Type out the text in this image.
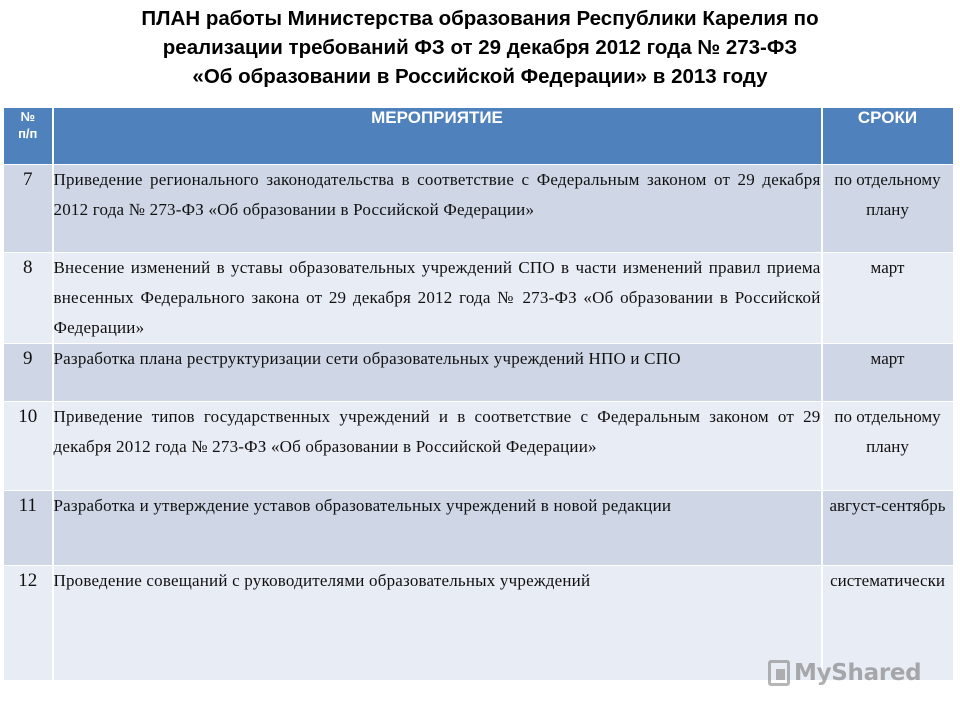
ПЛАН работы Министерства образования Республики Карелия по
реализации требований ФЗ от 29 декабря 2012 года № 273-ФЗ
«Об образовании в Российской Федерации» в 2013 году
№
п/п	МЕРОПРИЯТИЕ	СРОКИ
7	Приведение регионального законодательства в соответствие с Федеральным законом от 29 декабря 2012 года № 273-ФЗ «Об образовании в Российской Федерации»	по отдельному плану
8	Внесение изменений в уставы образовательных учреждений СПО в части изменений правил приема внесенных Федерального закона от 29 декабря 2012 года № 273-ФЗ «Об образовании в Российской Федерации»	март
9	Разработка плана реструктуризации сети образовательных учреждений НПО и СПО	март
10	Приведение типов государственных учреждений и в соответствие с Федеральным законом от 29 декабря 2012 года № 273-ФЗ «Об образовании в Российской Федерации»	по отдельному плану
11	Разработка и утверждение уставов образовательных учреждений в новой редакции	август-сентябрь
12	Проведение совещаний с руководителями образовательных учреждений	систематически
MyShared
